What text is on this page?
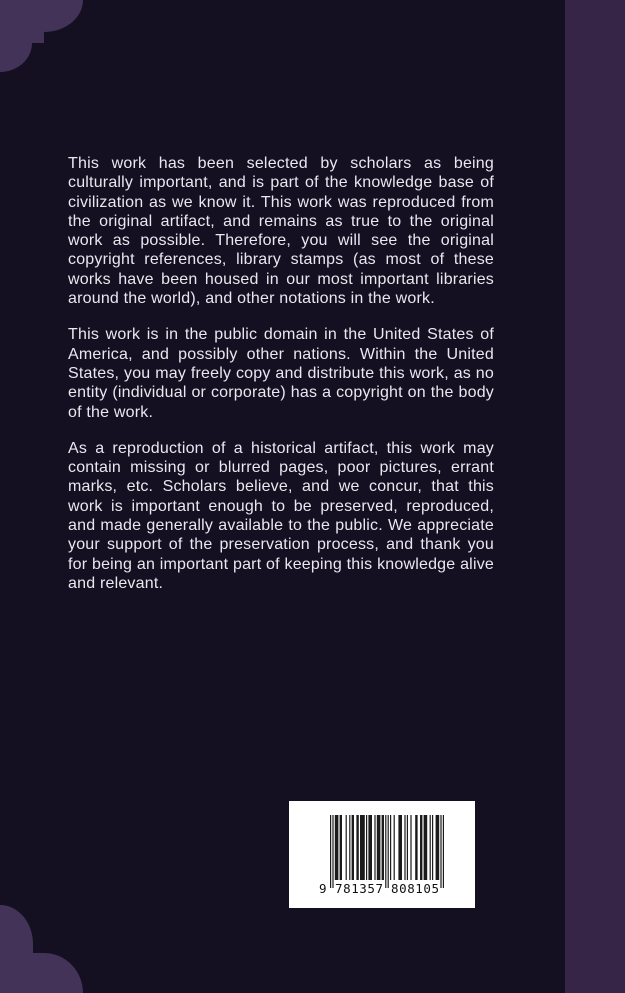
This work has been selected by scholars as being culturally important, and is part of the knowledge base of civilization as we know it. This work was reproduced from the original artifact, and remains as true to the original work as possible. Therefore, you will see the original copyright references, library stamps (as most of these works have been housed in our most important libraries around the world), and other notations in the work.

This work is in the public domain in the United States of America, and possibly other nations. Within the United States, you may freely copy and distribute this work, as no entity (individual or corporate) has a copyright on the body of the work.

As a reproduction of a historical artifact, this work may contain missing or blurred pages, poor pictures, errant marks, etc. Scholars believe, and we concur, that this work is important enough to be preserved, reproduced, and made generally available to the public. We appreciate your support of the preservation process, and thank you for being an important part of keeping this knowledge alive and relevant.

9 781357 808105
